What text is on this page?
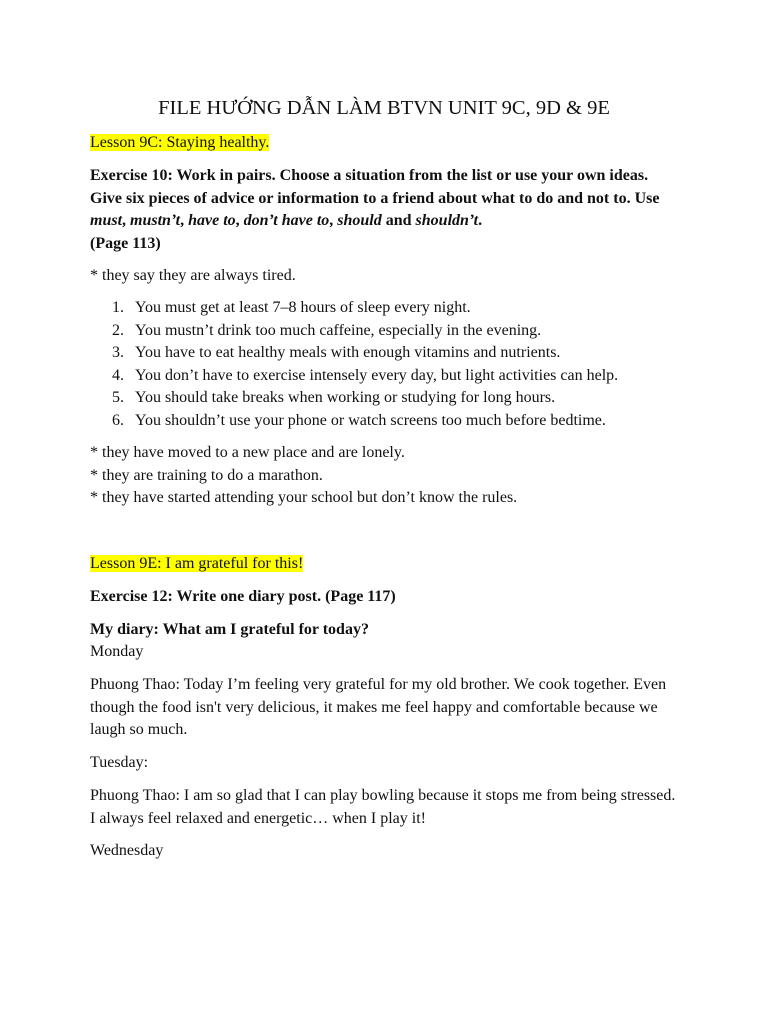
FILE HƯỚNG DẪN LÀM BTVN UNIT 9C, 9D & 9E

Lesson 9C: Staying healthy.

Exercise 10: Work in pairs. Choose a situation from the list or use your own ideas. Give six pieces of advice or information to a friend about what to do and not to. Use must, mustn’t, have to, don’t have to, should and shouldn’t.
(Page 113)

* they say they are always tired.

1. You must get at least 7–8 hours of sleep every night.
2. You mustn’t drink too much caffeine, especially in the evening.
3. You have to eat healthy meals with enough vitamins and nutrients.
4. You don’t have to exercise intensely every day, but light activities can help.
5. You should take breaks when working or studying for long hours.
6. You shouldn’t use your phone or watch screens too much before bedtime.

* they have moved to a new place and are lonely.

* they are training to do a marathon.

* they have started attending your school but don’t know the rules.

Lesson 9E: I am grateful for this!

Exercise 12: Write one diary post. (Page 117)

My diary: What am I grateful for today?

Monday

Phuong Thao: Today I’m feeling very grateful for my old brother. We cook together. Even though the food isn't very delicious, it makes me feel happy and comfortable because we laugh so much.

Tuesday:

Phuong Thao: I am so glad that I can play bowling because it stops me from being stressed. I always feel relaxed and energetic… when I play it!

Wednesday
